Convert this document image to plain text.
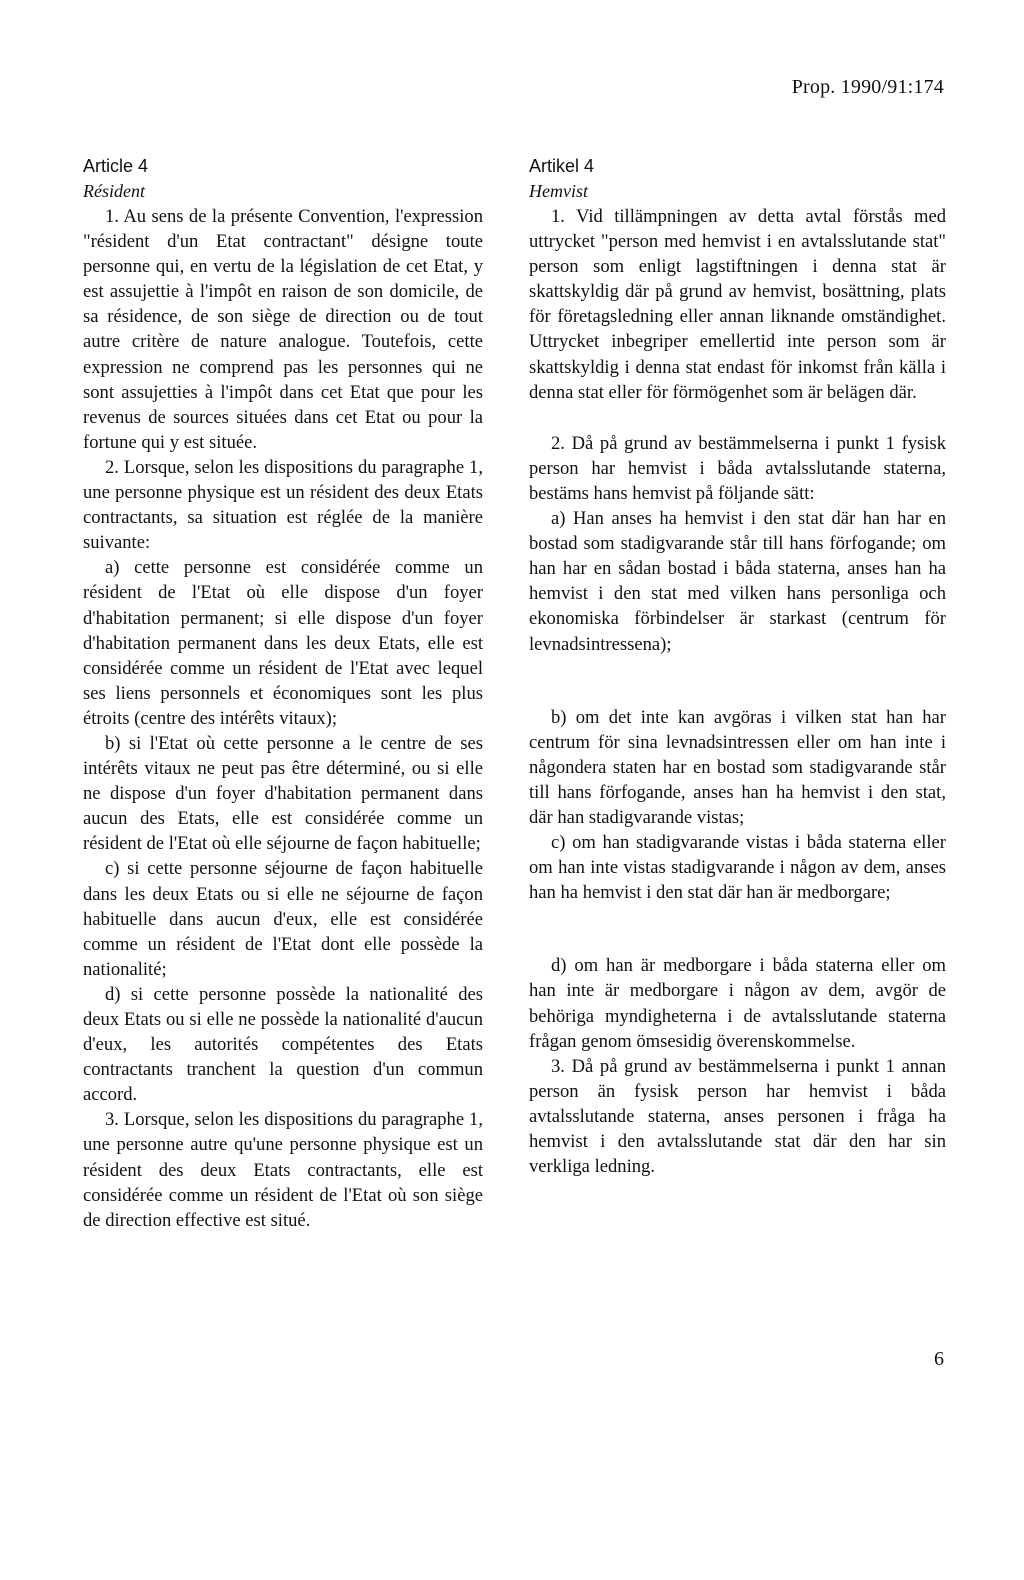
Prop. 1990/91:174
Article 4
Résident

1. Au sens de la présente Convention, l'expression "résident d'un Etat contractant" désigne toute personne qui, en vertu de la législation de cet Etat, y est assujettie à l'impôt en raison de son domicile, de sa résidence, de son siège de direction ou de tout autre critère de nature analogue. Toutefois, cette expression ne comprend pas les personnes qui ne sont assujetties à l'impôt dans cet Etat que pour les revenus de sources situées dans cet Etat ou pour la fortune qui y est située.

2. Lorsque, selon les dispositions du paragraphe 1, une personne physique est un résident des deux Etats contractants, sa situation est réglée de la manière suivante:

a) cette personne est considérée comme un résident de l'Etat où elle dispose d'un foyer d'habitation permanent; si elle dispose d'un foyer d'habitation permanent dans les deux Etats, elle est considérée comme un résident de l'Etat avec lequel ses liens personnels et économiques sont les plus étroits (centre des intérêts vitaux);

b) si l'Etat où cette personne a le centre de ses intérêts vitaux ne peut pas être déterminé, ou si elle ne dispose d'un foyer d'habitation permanent dans aucun des Etats, elle est considérée comme un résident de l'Etat où elle séjourne de façon habituelle;

c) si cette personne séjourne de façon habituelle dans les deux Etats ou si elle ne séjourne de façon habituelle dans aucun d'eux, elle est considérée comme un résident de l'Etat dont elle possède la nationalité;

d) si cette personne possède la nationalité des deux Etats ou si elle ne possède la nationalité d'aucun d'eux, les autorités compétentes des Etats contractants tranchent la question d'un commun accord.

3. Lorsque, selon les dispositions du paragraphe 1, une personne autre qu'une personne physique est un résident des deux Etats contractants, elle est considérée comme un résident de l'Etat où son siège de direction effective est situé.

Artikel 4
Hemvist

1. Vid tillämpningen av detta avtal förstås med uttrycket "person med hemvist i en avtalsslutande stat" person som enligt lagstiftningen i denna stat är skattskyldig där på grund av hemvist, bosättning, plats för företagsledning eller annan liknande omständighet. Uttrycket inbegriper emellertid inte person som är skattskyldig i denna stat endast för inkomst från källa i denna stat eller för förmögenhet som är belägen där.

2. Då på grund av bestämmelserna i punkt 1 fysisk person har hemvist i båda avtalsslutande staterna, bestäms hans hemvist på följande sätt:

a) Han anses ha hemvist i den stat där han har en bostad som stadigvarande står till hans förfogande; om han har en sådan bostad i båda staterna, anses han ha hemvist i den stat med vilken hans personliga och ekonomiska förbindelser är starkast (centrum för levnadsintressena);

b) om det inte kan avgöras i vilken stat han har centrum för sina levnadsintressen eller om han inte i någondera staten har en bostad som stadigvarande står till hans förfogande, anses han ha hemvist i den stat, där han stadigvarande vistas;

c) om han stadigvarande vistas i båda staterna eller om han inte vistas stadigvarande i någon av dem, anses han ha hemvist i den stat där han är medborgare;

d) om han är medborgare i båda staterna eller om han inte är medborgare i någon av dem, avgör de behöriga myndigheterna i de avtalsslutande staterna frågan genom ömsesidig överenskommelse.

3. Då på grund av bestämmelserna i punkt 1 annan person än fysisk person har hemvist i båda avtalsslutande staterna, anses personen i fråga ha hemvist i den avtalsslutande stat där den har sin verkliga ledning.

6
